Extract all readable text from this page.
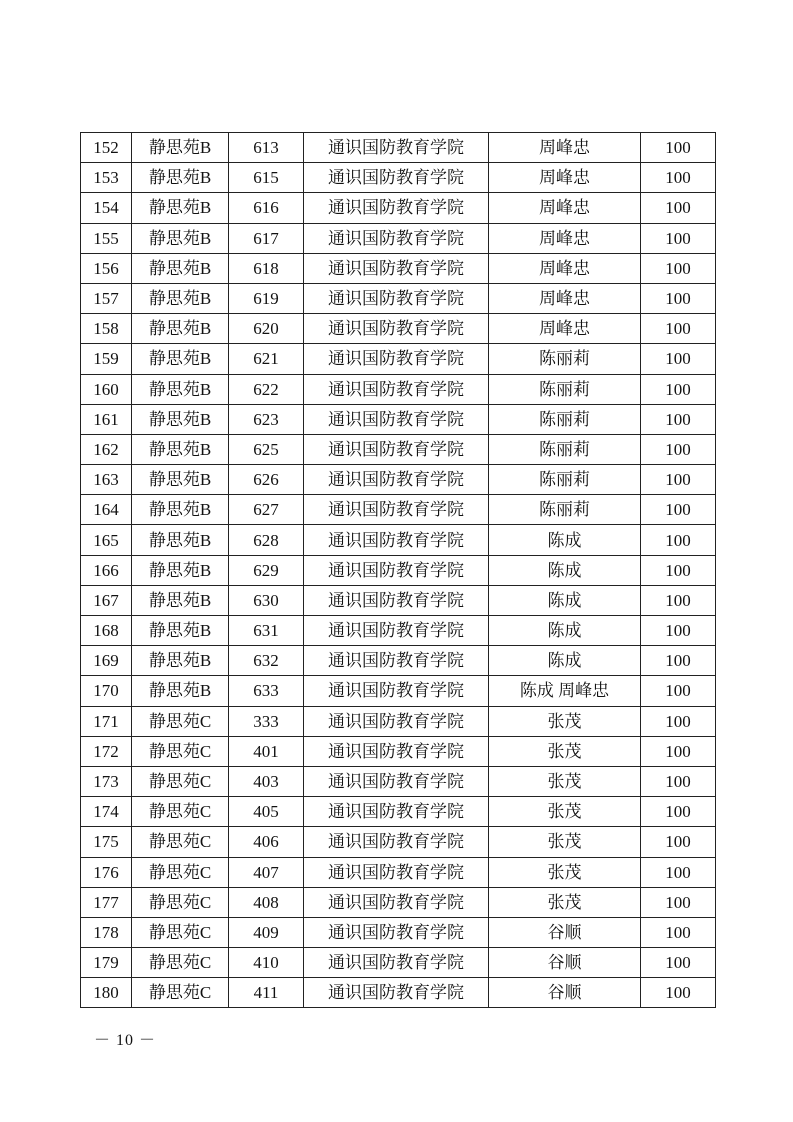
152	静思苑B	613	通识国防教育学院	周峰忠	100
153	静思苑B	615	通识国防教育学院	周峰忠	100
154	静思苑B	616	通识国防教育学院	周峰忠	100
155	静思苑B	617	通识国防教育学院	周峰忠	100
156	静思苑B	618	通识国防教育学院	周峰忠	100
157	静思苑B	619	通识国防教育学院	周峰忠	100
158	静思苑B	620	通识国防教育学院	周峰忠	100
159	静思苑B	621	通识国防教育学院	陈丽莉	100
160	静思苑B	622	通识国防教育学院	陈丽莉	100
161	静思苑B	623	通识国防教育学院	陈丽莉	100
162	静思苑B	625	通识国防教育学院	陈丽莉	100
163	静思苑B	626	通识国防教育学院	陈丽莉	100
164	静思苑B	627	通识国防教育学院	陈丽莉	100
165	静思苑B	628	通识国防教育学院	陈成	100
166	静思苑B	629	通识国防教育学院	陈成	100
167	静思苑B	630	通识国防教育学院	陈成	100
168	静思苑B	631	通识国防教育学院	陈成	100
169	静思苑B	632	通识国防教育学院	陈成	100
170	静思苑B	633	通识国防教育学院	陈成 周峰忠	100
171	静思苑C	333	通识国防教育学院	张茂	100
172	静思苑C	401	通识国防教育学院	张茂	100
173	静思苑C	403	通识国防教育学院	张茂	100
174	静思苑C	405	通识国防教育学院	张茂	100
175	静思苑C	406	通识国防教育学院	张茂	100
176	静思苑C	407	通识国防教育学院	张茂	100
177	静思苑C	408	通识国防教育学院	张茂	100
178	静思苑C	409	通识国防教育学院	谷顺	100
179	静思苑C	410	通识国防教育学院	谷顺	100
180	静思苑C	411	通识国防教育学院	谷顺	100
－ 10 －
